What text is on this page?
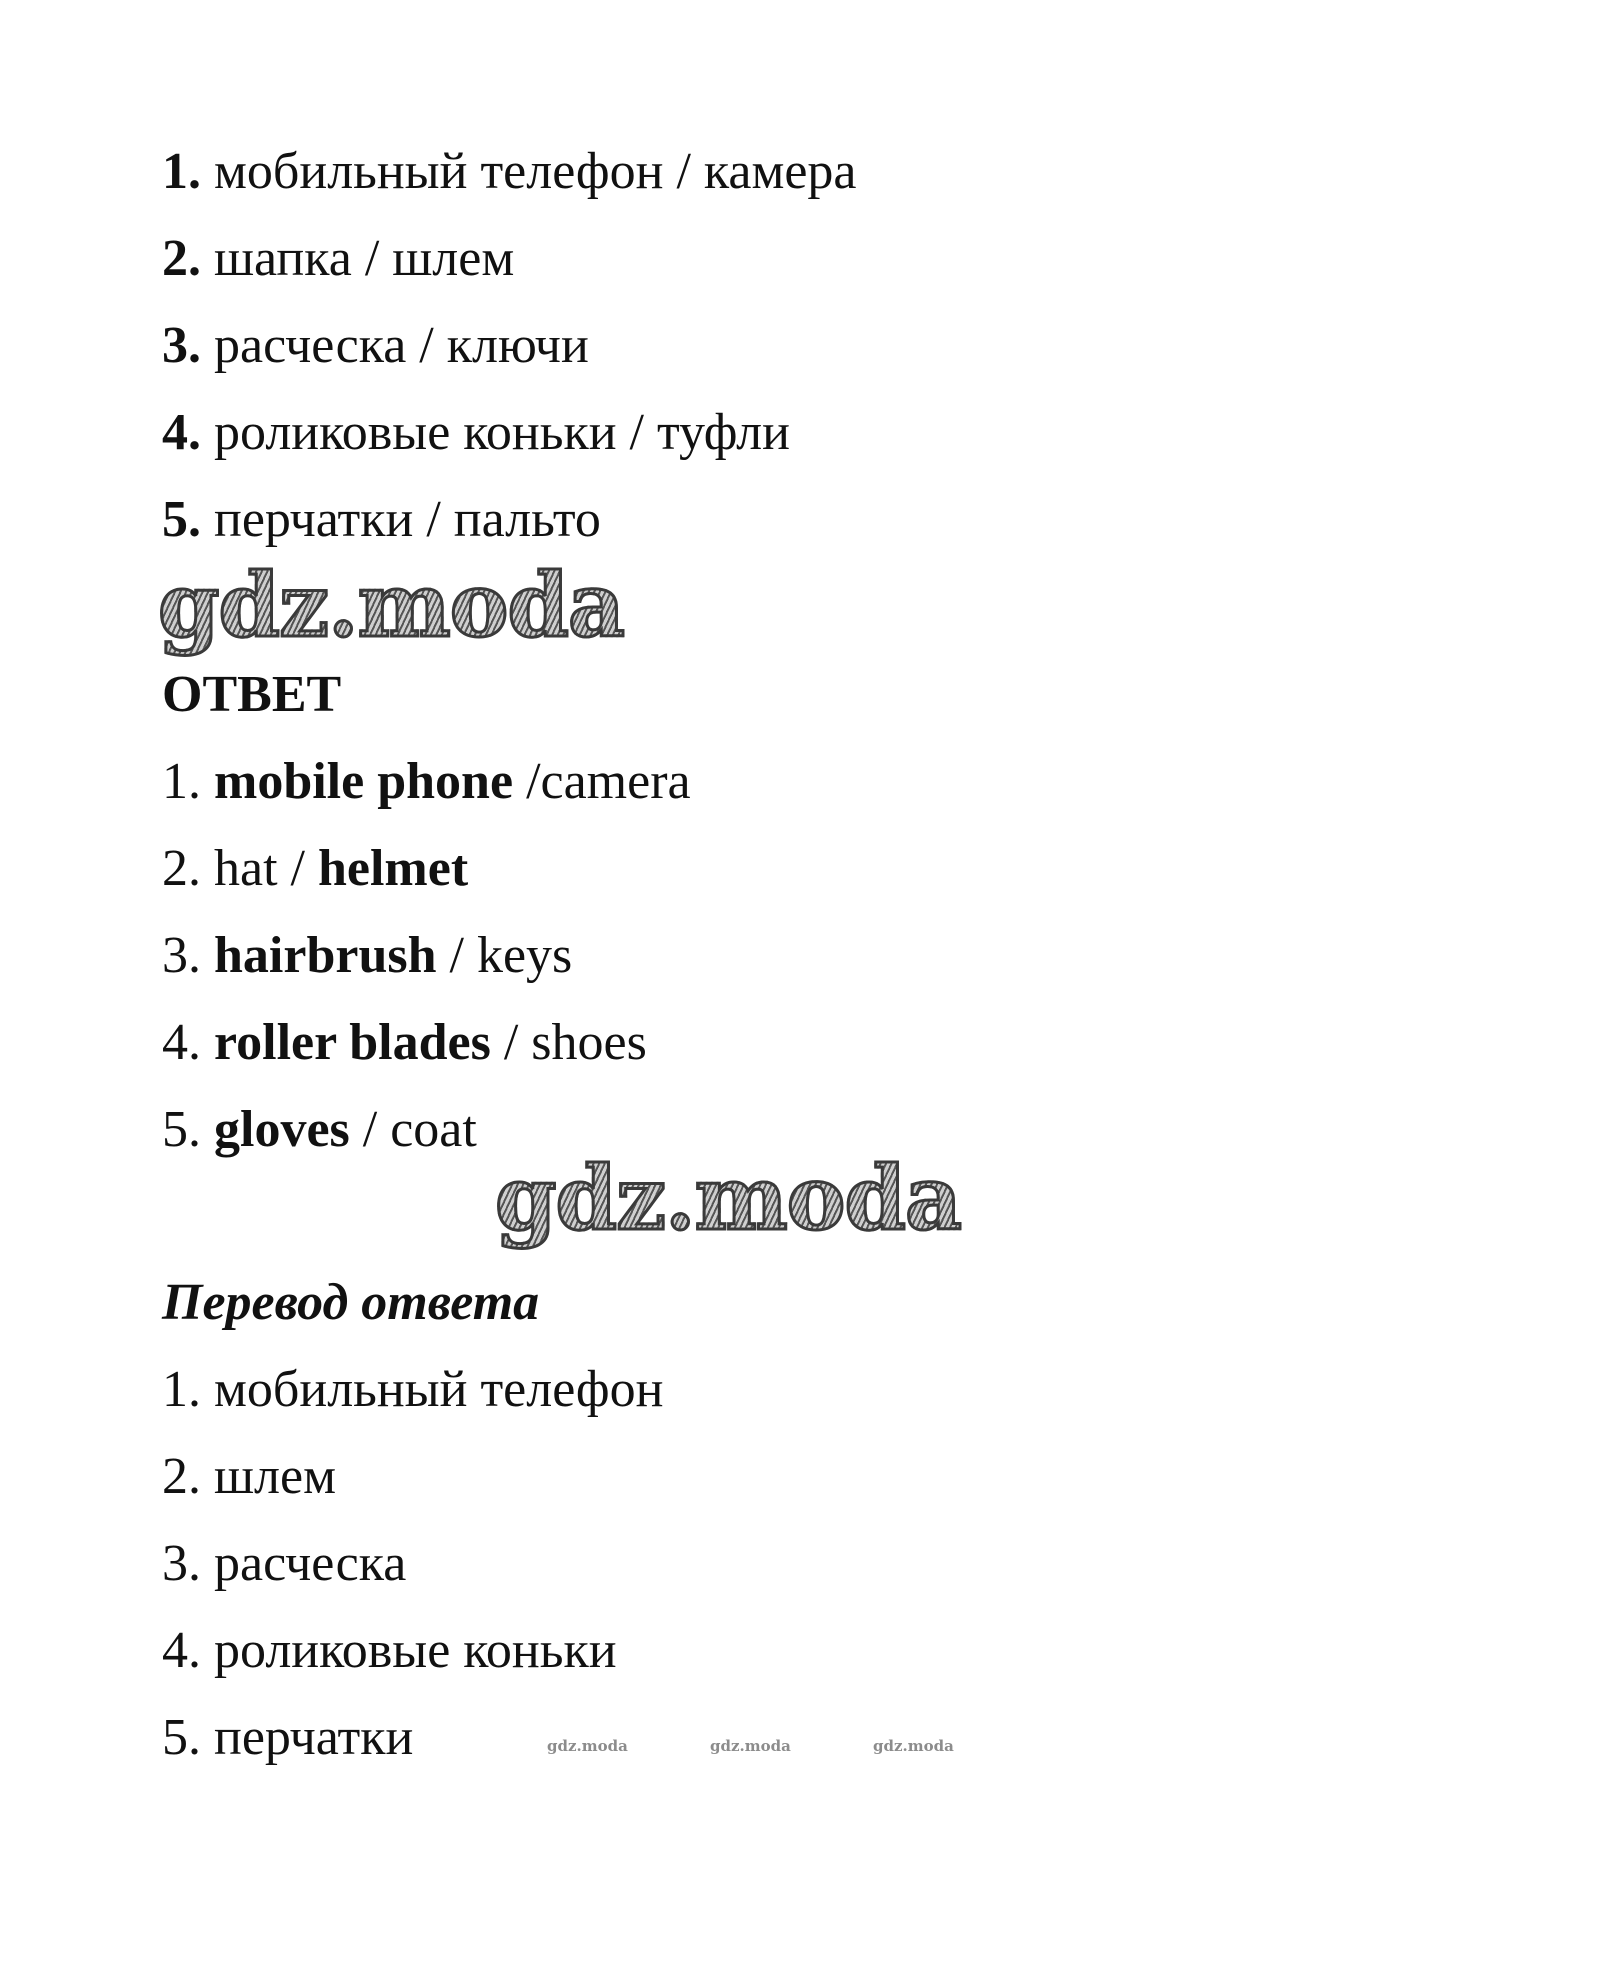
1. мобильный телефон / камера
2. шапка / шлем
3. расческа / ключи
4. роликовые коньки / туфли
5. перчатки / пальто
gdz.moda
ОТВЕТ
1. mobile phone /camera
2. hat / helmet
3. hairbrush / keys
4. roller blades / shoes
5. gloves / coat
gdz.moda
Перевод ответа
1. мобильный телефон
2. шлем
3. расческа
4. роликовые коньки
5. перчатки	gdz.moda	gdz.moda	gdz.moda
